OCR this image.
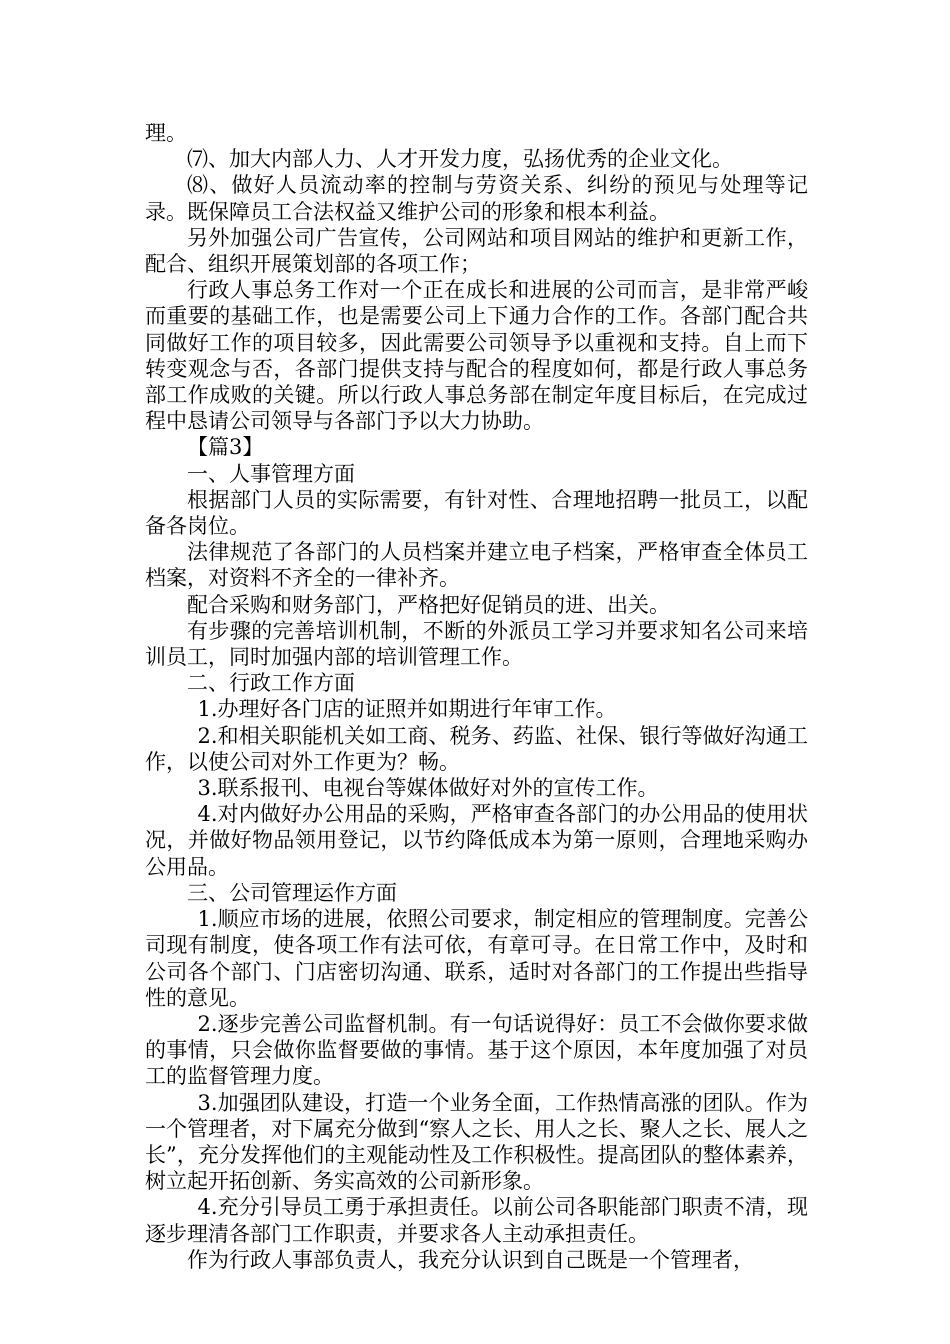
理。

⑺、加大内部人力、人才开发力度，弘扬优秀的企业文化。

⑻、做好人员流动率的控制与劳资关系、纠纷的预见与处理等记录。既保障员工合法权益又维护公司的形象和根本利益。

另外加强公司广告宣传，公司网站和项目网站的维护和更新工作，配合、组织开展策划部的各项工作；

行政人事总务工作对一个正在成长和进展的公司而言，是非常严峻而重要的基础工作，也是需要公司上下通力合作的工作。各部门配合共同做好工作的项目较多，因此需要公司领导予以重视和支持。自上而下转变观念与否，各部门提供支持与配合的程度如何，都是行政人事总务部工作成败的关键。所以行政人事总务部在制定年度目标后，在完成过程中恳请公司领导与各部门予以大力协助。

【篇3】

一、人事管理方面

根据部门人员的实际需要，有针对性、合理地招聘一批员工，以配备各岗位。

法律规范了各部门的人员档案并建立电子档案，严格审查全体员工档案，对资料不齐全的一律补齐。

配合采购和财务部门，严格把好促销员的进、出关。

有步骤的完善培训机制，不断的外派员工学习并要求知名公司来培训员工，同时加强内部的培训管理工作。

二、行政工作方面

1.办理好各门店的证照并如期进行年审工作。

2.和相关职能机关如工商、税务、药监、社保、银行等做好沟通工作，以使公司对外工作更为？畅。

3.联系报刊、电视台等媒体做好对外的宣传工作。

4.对内做好办公用品的采购，严格审查各部门的办公用品的使用状况，并做好物品领用登记，以节约降低成本为第一原则，合理地采购办公用品。

三、公司管理运作方面

1.顺应市场的进展，依照公司要求，制定相应的管理制度。完善公司现有制度，使各项工作有法可依，有章可寻。在日常工作中，及时和公司各个部门、门店密切沟通、联系，适时对各部门的工作提出些指导性的意见。

2.逐步完善公司监督机制。有一句话说得好：员工不会做你要求做的事情，只会做你监督要做的事情。基于这个原因，本年度加强了对员工的监督管理力度。

3.加强团队建设，打造一个业务全面，工作热情高涨的团队。作为一个管理者，对下属充分做到“察人之长、用人之长、聚人之长、展人之长”，充分发挥他们的主观能动性及工作积极性。提高团队的整体素养，树立起开拓创新、务实高效的公司新形象。

4.充分引导员工勇于承担责任。以前公司各职能部门职责不清，现逐步理清各部门工作职责，并要求各人主动承担责任。

作为行政人事部负责人，我充分认识到自己既是一个管理者，
